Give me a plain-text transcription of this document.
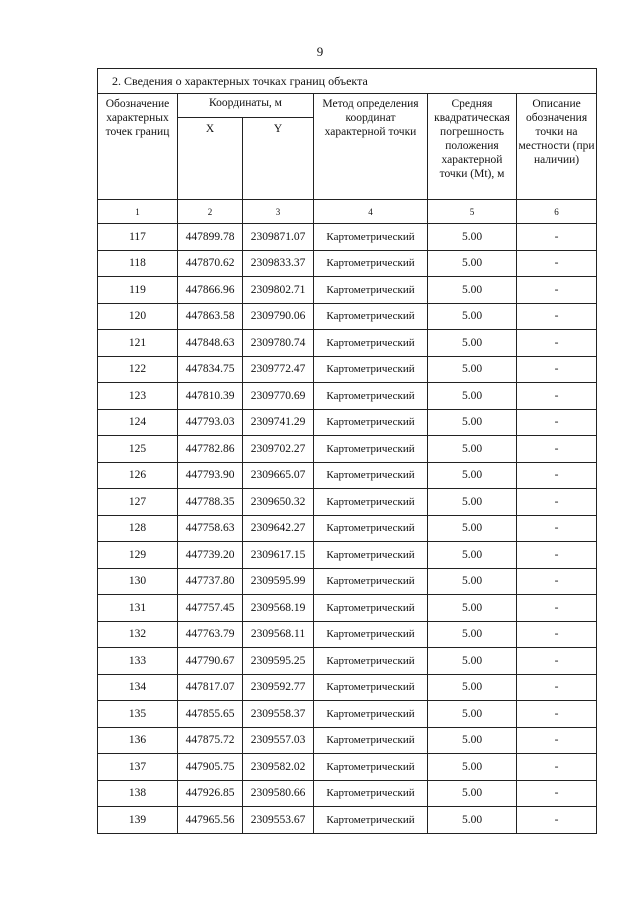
9
2. Сведения о характерных точках границ объекта					
Обозначение характерных точек границ	Координаты, м		Метод определения координат характерной точки	Средняя квадратическая погрешность положения характерной точки (Mt), м	Описание обозначения точки на местности (при наличии)
	X	Y			
1	2	3	4	5	6
117	447899.78	2309871.07	Картометрический	5.00	-
118	447870.62	2309833.37	Картометрический	5.00	-
119	447866.96	2309802.71	Картометрический	5.00	-
120	447863.58	2309790.06	Картометрический	5.00	-
121	447848.63	2309780.74	Картометрический	5.00	-
122	447834.75	2309772.47	Картометрический	5.00	-
123	447810.39	2309770.69	Картометрический	5.00	-
124	447793.03	2309741.29	Картометрический	5.00	-
125	447782.86	2309702.27	Картометрический	5.00	-
126	447793.90	2309665.07	Картометрический	5.00	-
127	447788.35	2309650.32	Картометрический	5.00	-
128	447758.63	2309642.27	Картометрический	5.00	-
129	447739.20	2309617.15	Картометрический	5.00	-
130	447737.80	2309595.99	Картометрический	5.00	-
131	447757.45	2309568.19	Картометрический	5.00	-
132	447763.79	2309568.11	Картометрический	5.00	-
133	447790.67	2309595.25	Картометрический	5.00	-
134	447817.07	2309592.77	Картометрический	5.00	-
135	447855.65	2309558.37	Картометрический	5.00	-
136	447875.72	2309557.03	Картометрический	5.00	-
137	447905.75	2309582.02	Картометрический	5.00	-
138	447926.85	2309580.66	Картометрический	5.00	-
139	447965.56	2309553.67	Картометрический	5.00	-
